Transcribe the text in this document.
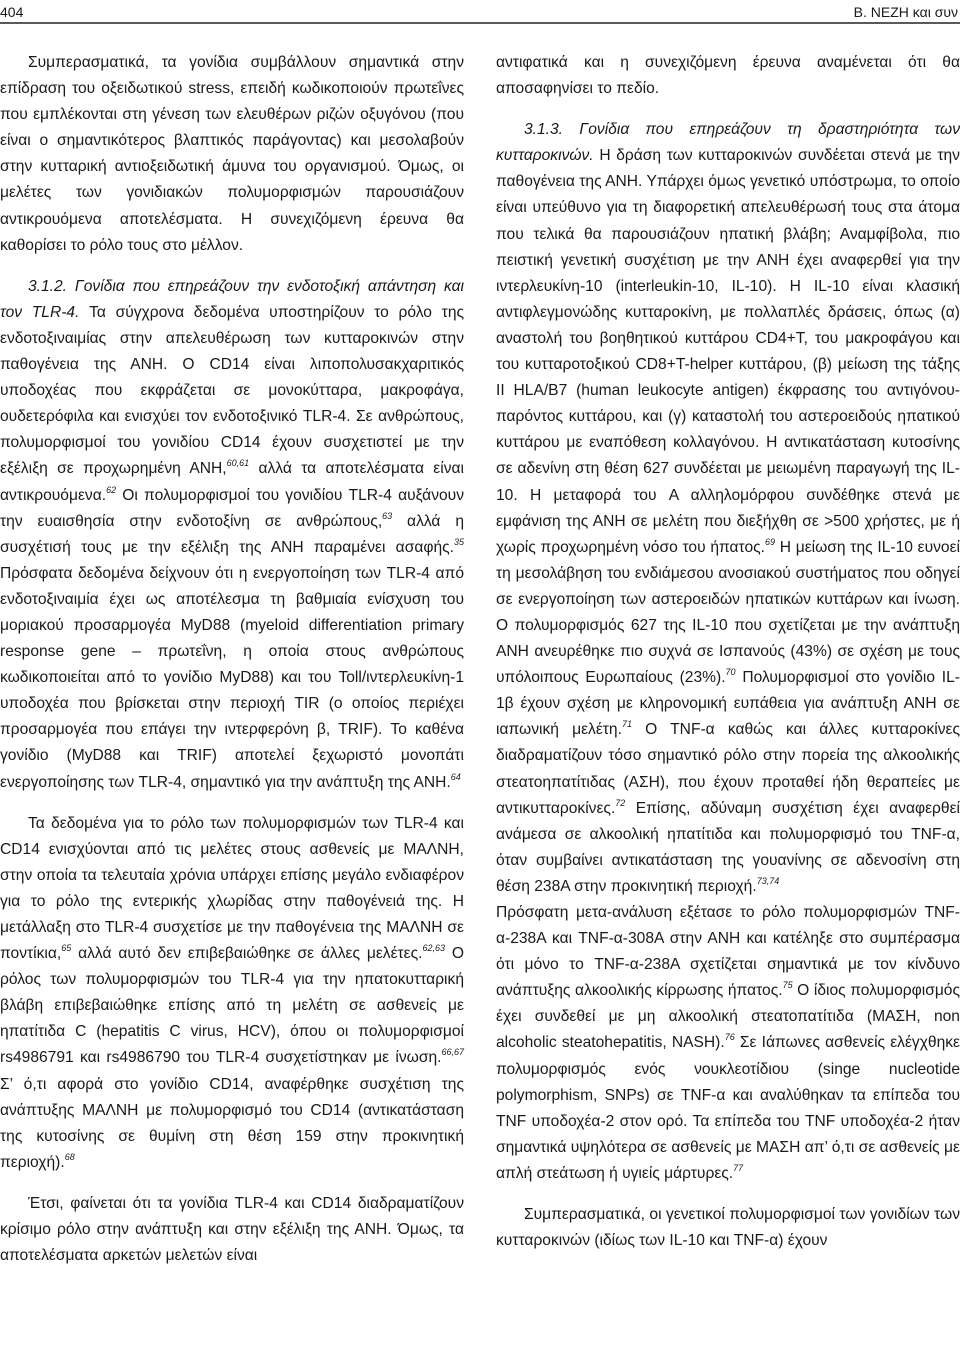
404	Β. ΝΕΖΗ και συν

Συμπερασματικά, τα γονίδια συμβάλλουν σημαντικά στην επίδραση του οξειδωτικού stress, επειδή κωδικοποιούν πρωτεΐνες που εμπλέκονται στη γένεση των ελευθέρων ριζών οξυγόνου (που είναι ο σημαντικότερος βλαπτικός παράγοντας) και μεσολαβούν στην κυτταρική αντιοξειδωτική άμυνα του οργανισμού. Όμως, οι μελέτες των γονιδιακών πολυμορφισμών παρουσιάζουν αντικρουόμενα αποτελέσματα. Η συνεχιζόμενη έρευνα θα καθορίσει το ρόλο τους στο μέλλον.

3.1.2. Γονίδια που επηρεάζουν την ενδοτοξική απάντηση και τον TLR-4. Τα σύγχρονα δεδομένα υποστηρίζουν το ρόλο της ενδοτοξιναιμίας στην απελευθέρωση των κυτταροκινών στην παθογένεια της ΑΝΗ. Ο CD14 είναι λιποπολυσακχαριτικός υποδοχέας που εκφράζεται σε μονοκύτταρα, μακροφάγα, ουδετερόφιλα και ενισχύει τον ενδοτοξινικό TLR-4. Σε ανθρώπους, πολυμορφισμοί του γονιδίου CD14 έχουν συσχετιστεί με την εξέλιξη σε προχωρημένη ΑΝΗ,$^{60,61}$ αλλά τα αποτελέσματα είναι αντικρουόμενα.$^{62}$ Οι πολυμορφισμοί του γονιδίου TLR-4 αυξάνουν την ευαισθησία στην ενδοτοξίνη σε ανθρώπους,$^{63}$ αλλά η συσχέτισή τους με την εξέλιξη της ΑΝΗ παραμένει ασαφής.$^{35}$ Πρόσφατα δεδομένα δείχνουν ότι η ενεργοποίηση των TLR-4 από ενδοτοξιναιμία έχει ως αποτέλεσμα τη βαθμιαία ενίσχυση του μοριακού προσαρμογέα MyD88 (myeloid differentiation primary response gene – πρωτεΐνη, η οποία στους ανθρώπους κωδικοποιείται από το γονίδιο MyD88) και του Toll/ιντερλευκίνη-1 υποδοχέα που βρίσκεται στην περιοχή TIR (ο οποίος περιέχει προσαρμογέα που επάγει την ιντερφερόνη β, TRIF). Το καθένα γονίδιο (MyD88 και TRIF) αποτελεί ξεχωριστό μονοπάτι ενεργοποίησης των TLR-4, σημαντικό για την ανάπτυξη της ΑΝΗ.$^{64}$

Τα δεδομένα για το ρόλο των πολυμορφισμών των TLR-4 και CD14 ενισχύονται από τις μελέτες στους ασθενείς με ΜΑΛΝΗ, στην οποία τα τελευταία χρόνια υπάρχει επίσης μεγάλο ενδιαφέρον για το ρόλο της εντερικής χλωρίδας στην παθογένειά της. Η μετάλλαξη στο TLR-4 συσχετίσε με την παθογένεια της ΜΑΛΝΗ σε ποντίκια,$^{65}$ αλλά αυτό δεν επιβεβαιώθηκε σε άλλες μελέτες.$^{62,63}$ Ο ρόλος των πολυμορφισμών του TLR-4 για την ηπατοκυτταρική βλάβη επιβεβαιώθηκε επίσης από τη μελέτη σε ασθενείς με ηπατίτιδα C (hepatitis C virus, HCV), όπου οι πολυμορφισμοί rs4986791 και rs4986790 του TLR-4 συσχετίστηκαν με ίνωση.$^{66,67}$ Σ’ ό,τι αφορά στο γονίδιο CD14, αναφέρθηκε συσχέτιση της ανάπτυξης ΜΑΛΝΗ με πολυμορφισμό του CD14 (αντικατάσταση της κυτοσίνης σε θυμίνη στη θέση 159 στην προκινητική περιοχή).$^{68}$

Έτσι, φαίνεται ότι τα γονίδια TLR-4 και CD14 διαδραματίζουν κρίσιμο ρόλο στην ανάπτυξη και στην εξέλιξη της ΑΝΗ. Όμως, τα αποτελέσματα αρκετών μελετών είναι

αντιφατικά και η συνεχιζόμενη έρευνα αναμένεται ότι θα αποσαφηνίσει το πεδίο.

3.1.3. Γονίδια που επηρεάζουν τη δραστηριότητα των κυτταροκινών. Η δράση των κυτταροκινών συνδέεται στενά με την παθογένεια της ΑΝΗ. Υπάρχει όμως γενετικό υπόστρωμα, το οποίο είναι υπεύθυνο για τη διαφορετική απελευθέρωσή τους στα άτομα που τελικά θα παρουσιάζουν ηπατική βλάβη; Αναμφίβολα, πιο πειστική γενετική συσχέτιση με την ΑΝΗ έχει αναφερθεί για την ιντερλευκίνη-10 (interleukin-10, IL-10). Η IL-10 είναι κλασική αντιφλεγμονώδης κυτταροκίνη, με πολλαπλές δράσεις, όπως (α) αναστολή του βοηθητικού κυττάρου CD4+T, του μακροφάγου και του κυτταροτοξικού CD8+T-helper κυττάρου, (β) μείωση της τάξης II HLA/B7 (human leukocyte antigen) έκφρασης του αντιγόνου-παρόντος κυττάρου, και (γ) καταστολή του αστεροειδούς ηπατικού κυττάρου με εναπόθεση κολλαγόνου. Η αντικατάσταση κυτοσίνης σε αδενίνη στη θέση 627 συνδέεται με μειωμένη παραγωγή της IL-10. Η μεταφορά του A αλληλομόρφου συνδέθηκε στενά με εμφάνιση της ΑΝΗ σε μελέτη που διεξήχθη σε >500 χρήστες, με ή χωρίς προχωρημένη νόσο του ήπατος.$^{69}$ Η μείωση της IL-10 ευνοεί τη μεσολάβηση του ενδιάμεσου ανοσιακού συστήματος που οδηγεί σε ενεργοποίηση των αστεροειδών ηπατικών κυττάρων και ίνωση. Ο πολυμορφισμός 627 της IL-10 που σχετίζεται με την ανάπτυξη ΑΝΗ ανευρέθηκε πιο συχνά σε Ισπανούς (43%) σε σχέση με τους υπόλοιπους Ευρωπαίους (23%).$^{70}$ Πολυμορφισμοί στο γονίδιο IL-1β έχουν σχέση με κληρονομική ευπάθεια για ανάπτυξη ΑΝΗ σε ιαπωνική μελέτη.$^{71}$ O TNF-α καθώς και άλλες κυτταροκίνες διαδραματίζουν τόσο σημαντικό ρόλο στην πορεία της αλκοολικής στεατοηπατίτιδας (ΑΣΗ), που έχουν προταθεί ήδη θεραπείες με αντικυτταροκίνες.$^{72}$ Επίσης, αδύναμη συσχέτιση έχει αναφερθεί ανάμεσα σε αλκοολική ηπατίτιδα και πολυμορφισμό του TNF-α, όταν συμβαίνει αντικατάσταση της γουανίνης σε αδενοσίνη στη θέση 238A στην προκινητική περιοχή.$^{73,74}$

Πρόσφατη μετα-ανάλυση εξέτασε το ρόλο πολυμορφισμών TNF-α-238A και TNF-α-308A στην ΑΝΗ και κατέληξε στο συμπέρασμα ότι μόνο το TNF-α-238A σχετίζεται σημαντικά με τον κίνδυνο ανάπτυξης αλκοολικής κίρρωσης ήπατος.$^{75}$ Ο ίδιος πολυμορφισμός έχει συνδεθεί με μη αλκοολική στεατοπατίτιδα (ΜΑΣΗ, non alcoholic steatohepatitis, NASH).$^{76}$ Σε Ιάπωνες ασθενείς ελέγχθηκε πολυμορφισμός ενός νουκλεοτίδιου (singe nucleotide polymorphism, SNPs) σε TNF-α και αναλύθηκαν τα επίπεδα του TNF υποδοχέα-2 στον ορό. Τα επίπεδα του TNF υποδοχέα-2 ήταν σημαντικά υψηλότερα σε ασθενείς με ΜΑΣΗ απ’ ό,τι σε ασθενείς με απλή στεάτωση ή υγιείς μάρτυρες.$^{77}$

Συμπερασματικά, οι γενετικοί πολυμορφισμοί των γονιδίων των κυτταροκινών (ιδίως των IL-10 και TNF-α) έχουν
